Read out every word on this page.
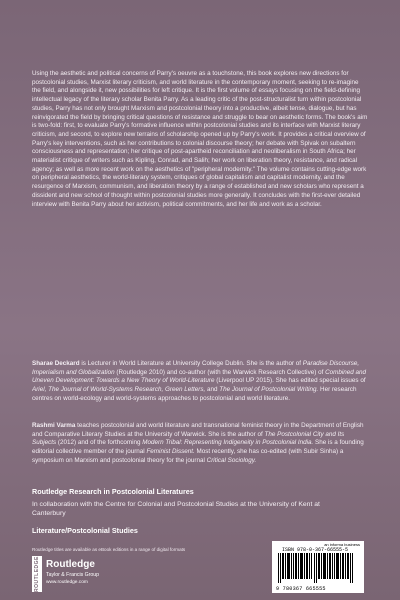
Using the aesthetic and political concerns of Parry's oeuvre as a touchstone, this book explores new directions for postcolonial studies, Marxist literary criticism, and world literature in the contemporary moment, seeking to re-imagine the field, and alongside it, new possibilities for left critique. It is the first volume of essays focusing on the field-defining intellectual legacy of the literary scholar Benita Parry. As a leading critic of the post-structuralist turn within postcolonial studies, Parry has not only brought Marxism and postcolonial theory into a productive, albeit tense, dialogue, but has reinvigorated the field by bringing critical questions of resistance and struggle to bear on aesthetic forms. The book's aim is two-fold: first, to evaluate Parry's formative influence within postcolonial studies and its interface with Marxist literary criticism, and second, to explore new terrains of scholarship opened up by Parry's work. It provides a critical overview of Parry's key interventions, such as her contributions to colonial discourse theory; her debate with Spivak on subaltern consciousness and representation; her critique of post-apartheid reconciliation and neoliberalism in South Africa; her materialist critique of writers such as Kipling, Conrad, and Salih; her work on liberation theory, resistance, and radical agency; as well as more recent work on the aesthetics of "peripheral modernity." The volume contains cutting-edge work on peripheral aesthetics, the world-literary system, critiques of global capitalism and capitalist modernity, and the resurgence of Marxism, communism, and liberation theory by a range of established and new scholars who represent a dissident and new school of thought within postcolonial studies more generally. It concludes with the first-ever detailed interview with Benita Parry about her activism, political commitments, and her life and work as a scholar.

Sharae Deckard is Lecturer in World Literature at University College Dublin. She is the author of Paradise Discourse, Imperialism and Globalization (Routledge 2010) and co-author (with the Warwick Research Collective) of Combined and Uneven Development: Towards a New Theory of World-Literature (Liverpool UP 2015). She has edited special issues of Ariel, The Journal of World-Systems Research, Green Letters, and The Journal of Postcolonial Writing. Her research centres on world-ecology and world-systems approaches to postcolonial and world literature.

Rashmi Varma teaches postcolonial and world literature and transnational feminist theory in the Department of English and Comparative Literary Studies at the University of Warwick. She is the author of The Postcolonial City and Its Subjects (2012) and of the forthcoming Modern Tribal: Representing Indigeneity in Postcolonial India. She is a founding editorial collective member of the journal Feminist Dissent. Most recently, she has co-edited (with Subir Sinha) a symposium on Marxism and postcolonial theory for the journal Critical Sociology.

Routledge Research in Postcolonial Literatures
In collaboration with the Centre for Colonial and Postcolonial Studies at the University of Kent at Canterbury
Literature/Postcolonial Studies
Routledge titles are available as eBook editions in a range of digital formats
ROUTLEDGE Routledge
Taylor & Francis Group
www.routledge.com
an informa business
ISBN 978-0-367-66555-5
9 780367 665555
